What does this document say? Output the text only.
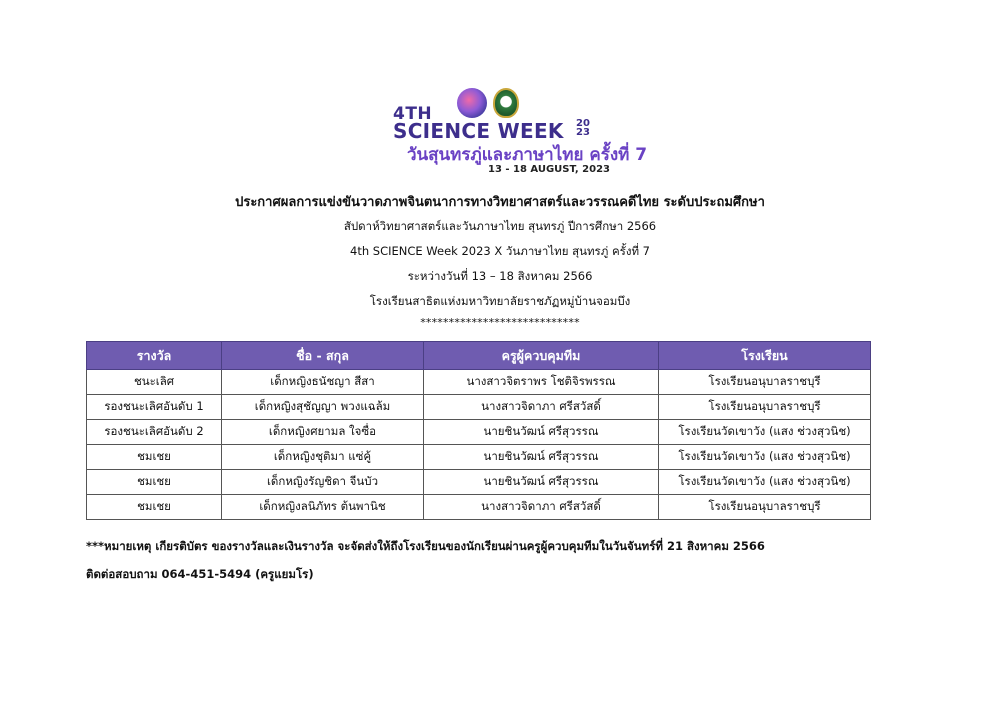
4TH
SCIENCE WEEK	20 23
วันสุนทรภู่และภาษาไทย ครั้งที่ 7
13 - 18 AUGUST, 2023
ประกาศผลการแข่งขันวาดภาพจินตนาการทางวิทยาศาสตร์และวรรณคดีไทย ระดับประถมศึกษา
สัปดาห์วิทยาศาสตร์และวันภาษาไทย สุนทรภู่ ปีการศึกษา 2566
4th SCIENCE Week 2023 X วันภาษาไทย สุนทรภู่ ครั้งที่ 7
ระหว่างวันที่ 13 – 18 สิงหาคม 2566
โรงเรียนสาธิตแห่งมหาวิทยาลัยราชภัฏหมู่บ้านจอมบึง
****************************
รางวัล	ชื่อ - สกุล	ครูผู้ควบคุมทีม	โรงเรียน
ชนะเลิศ	เด็กหญิงธนัชญา สีสา	นางสาวจิตราพร โชติจิรพรรณ	โรงเรียนอนุบาลราชบุรี
รองชนะเลิศอันดับ 1	เด็กหญิงสุชัญญา พวงแฉล้ม	นางสาวจิดาภา ศรีสวัสดิ์	โรงเรียนอนุบาลราชบุรี
รองชนะเลิศอันดับ 2	เด็กหญิงศยามล ใจซื่อ	นายชินวัฒน์ ศรีสุวรรณ	โรงเรียนวัดเขาวัง (แสง ช่วงสุวนิช)
ชมเชย	เด็กหญิงชุติมา แซ่คู้	นายชินวัฒน์ ศรีสุวรรณ	โรงเรียนวัดเขาวัง (แสง ช่วงสุวนิช)
ชมเชย	เด็กหญิงรัญชิดา จีนบัว	นายชินวัฒน์ ศรีสุวรรณ	โรงเรียนวัดเขาวัง (แสง ช่วงสุวนิช)
ชมเชย	เด็กหญิงลนิภัทร ต้นพานิช	นางสาวจิดาภา ศรีสวัสดิ์	โรงเรียนอนุบาลราชบุรี
***หมายเหตุ เกียรติบัตร ของรางวัลและเงินรางวัล จะจัดส่งให้ถึงโรงเรียนของนักเรียนผ่านครูผู้ควบคุมทีมในวันจันทร์ที่ 21 สิงหาคม 2566
ติดต่อสอบถาม 064-451-5494 (ครูแยมโร)
